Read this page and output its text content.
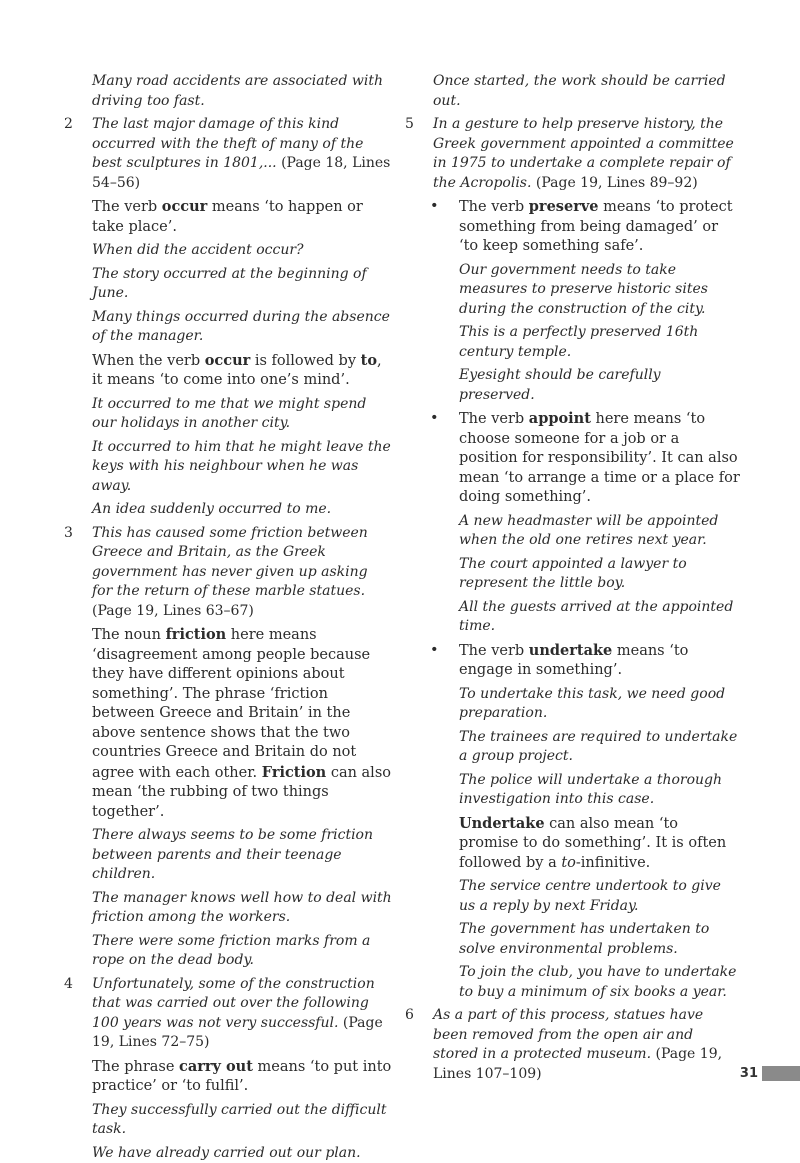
Many road accidents are associated with driving too fast.

2 The last major damage of this kind occurred with the theft of many of the best sculptures in 1801,... (Page 18, Lines 54–56)

The verb occur means ‘to happen or take place’.

When did the accident occur?

The story occurred at the beginning of June.

Many things occurred during the absence of the manager.

When the verb occur is followed by to, it means ‘to come into one’s mind’.

It occurred to me that we might spend our holidays in another city.

It occurred to him that he might leave the keys with his neighbour when he was away.

An idea suddenly occurred to me.

3 This has caused some friction between Greece and Britain, as the Greek government has never given up asking for the return of these marble statues.
(Page 19, Lines 63–67)

The noun friction here means ‘disagreement among people because they have different opinions about something’. The phrase ‘friction between Greece and Britain’ in the above sentence shows that the two countries Greece and Britain do not agree with each other. Friction can also mean ‘the rubbing of two things together’.

There always seems to be some friction between parents and their teenage children.

The manager knows well how to deal with friction among the workers.

There were some friction marks from a rope on the dead body.

4 Unfortunately, some of the construction that was carried out over the following 100 years was not very successful. (Page 19, Lines 72–75)

The phrase carry out means ‘to put into practice’ or ‘to fulfil’.

They successfully carried out the difficult task.

We have already carried out our plan.

Once started, the work should be carried out.

5 In a gesture to help preserve history, the Greek government appointed a committee in 1975 to undertake a complete repair of the Acropolis. (Page 19, Lines 89–92)

• The verb preserve means ‘to protect something from being damaged’ or ‘to keep something safe’.

Our government needs to take measures to preserve historic sites during the construction of the city.

This is a perfectly preserved 16th century temple.

Eyesight should be carefully preserved.

• The verb appoint here means ‘to choose someone for a job or a position for responsibility’. It can also mean ‘to arrange a time or a place for doing something’.

A new headmaster will be appointed when the old one retires next year.

The court appointed a lawyer to represent the little boy.

All the guests arrived at the appointed time.

• The verb undertake means ‘to engage in something’.

To undertake this task, we need good preparation.

The trainees are required to undertake a group project.

The police will undertake a thorough investigation into this case.

Undertake can also mean ‘to promise to do something’. It is often followed by a to-infinitive.

The service centre undertook to give us a reply by next Friday.

The government has undertaken to solve environmental problems.

To join the club, you have to undertake to buy a minimum of six books a year.

6 As a part of this process, statues have been removed from the open air and stored in a protected museum. (Page 19, Lines 107–109)	31
